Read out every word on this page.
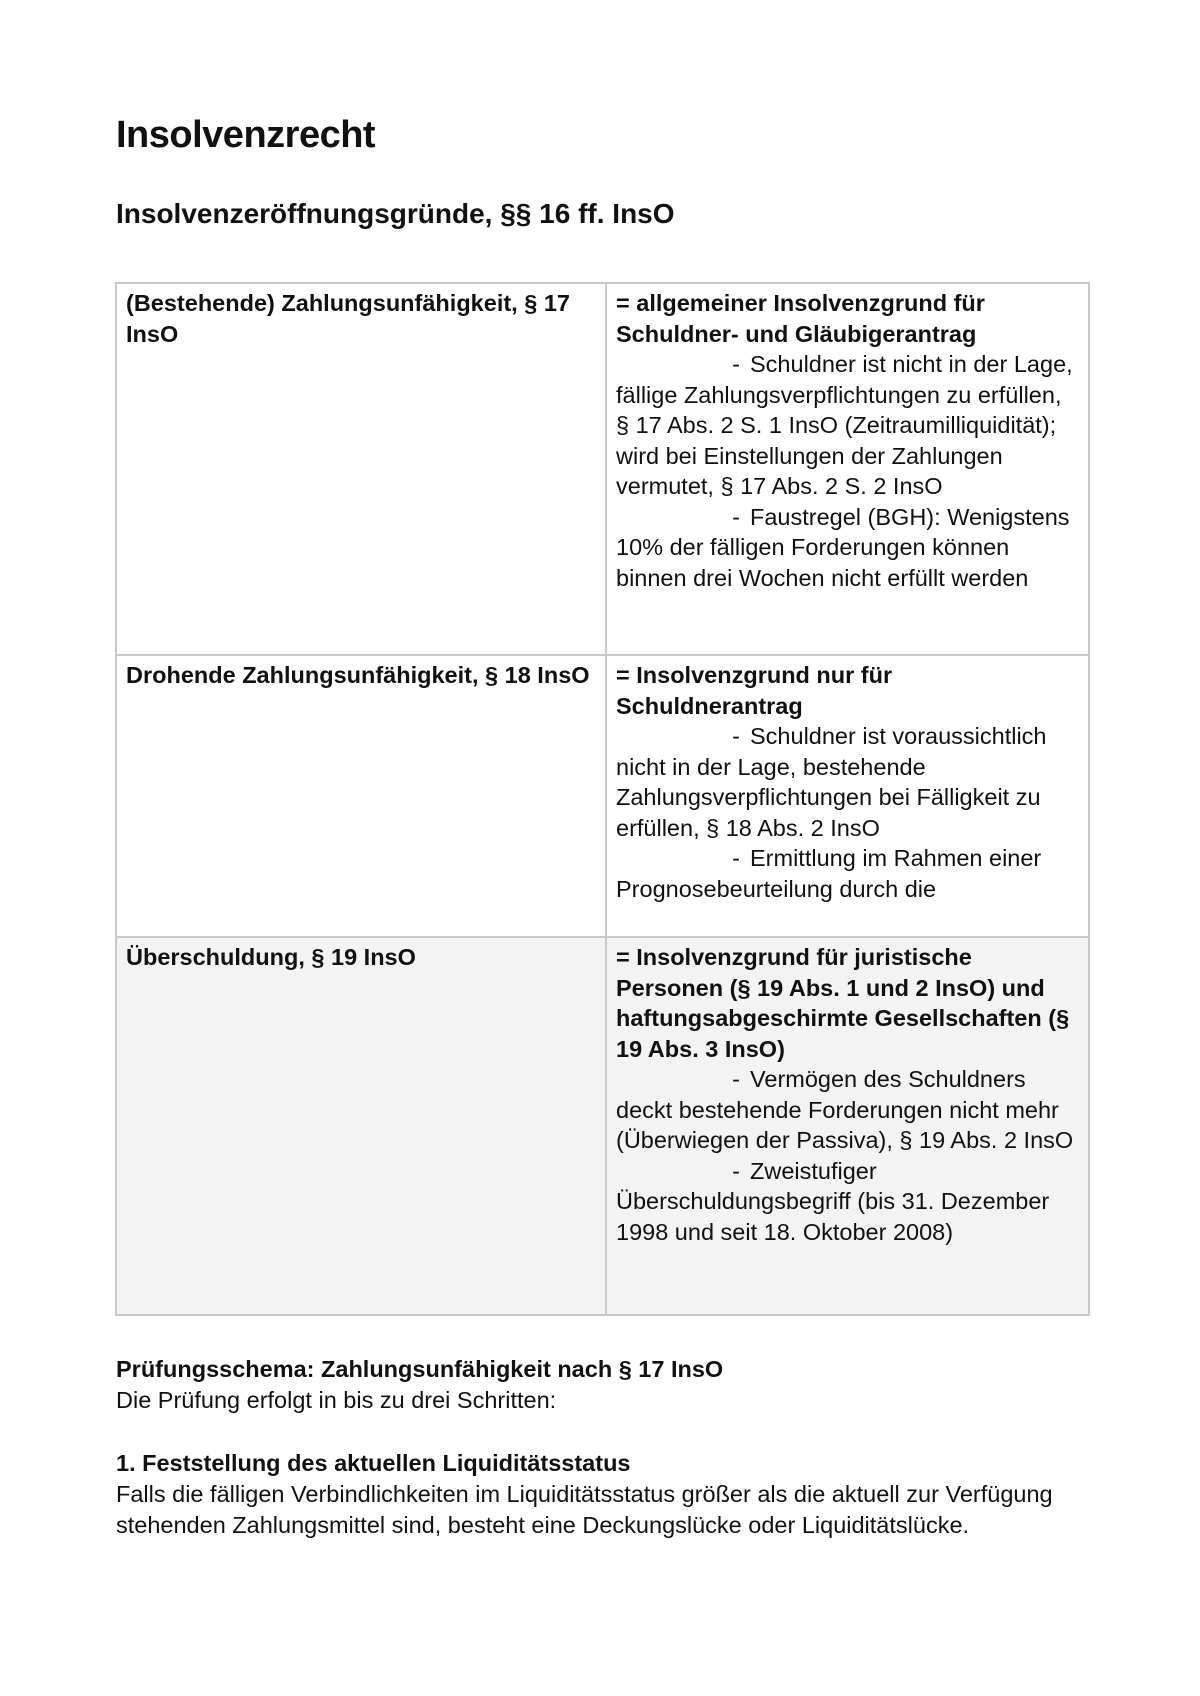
Insolvenzrecht
Insolvenzeröffnungsgründe, §§ 16 ff. InsO
(Bestehende) Zahlungsunfähigkeit, § 17 InsO	= allgemeiner Insolvenzgrund für Schuldner- und Gläubigerantrag
- Schuldner ist nicht in der Lage, fällige Zahlungsverpflichtungen zu erfüllen, § 17 Abs. 2 S. 1 InsO (Zeitraumilliquidität); wird bei Einstellungen der Zahlungen vermutet, § 17 Abs. 2 S. 2 InsO
- Faustregel (BGH): Wenigstens 10% der fälligen Forderungen können binnen drei Wochen nicht erfüllt werden

Drohende Zahlungsunfähigkeit, § 18 InsO	= Insolvenzgrund nur für Schuldnerantrag
- Schuldner ist voraussichtlich nicht in der Lage, bestehende Zahlungsverpflichtungen bei Fälligkeit zu erfüllen, § 18 Abs. 2 InsO
- Ermittlung im Rahmen einer Prognosebeurteilung durch die

Überschuldung, § 19 InsO	= Insolvenzgrund für juristische Personen (§ 19 Abs. 1 und 2 InsO) und haftungsabgeschirmte Gesellschaften (§ 19 Abs. 3 InsO)
- Vermögen des Schuldners deckt bestehende Forderungen nicht mehr (Überwiegen der Passiva), § 19 Abs. 2 InsO
- Zweistufiger Überschuldungsbegriff (bis 31. Dezember 1998 und seit 18. Oktober 2008)
Prüfungsschema: Zahlungsunfähigkeit nach § 17 InsO
Die Prüfung erfolgt in bis zu drei Schritten:
1. Feststellung des aktuellen Liquiditätsstatus
Falls die fälligen Verbindlichkeiten im Liquiditätsstatus größer als die aktuell zur Verfügung stehenden Zahlungsmittel sind, besteht eine Deckungslücke oder Liquiditätslücke.
